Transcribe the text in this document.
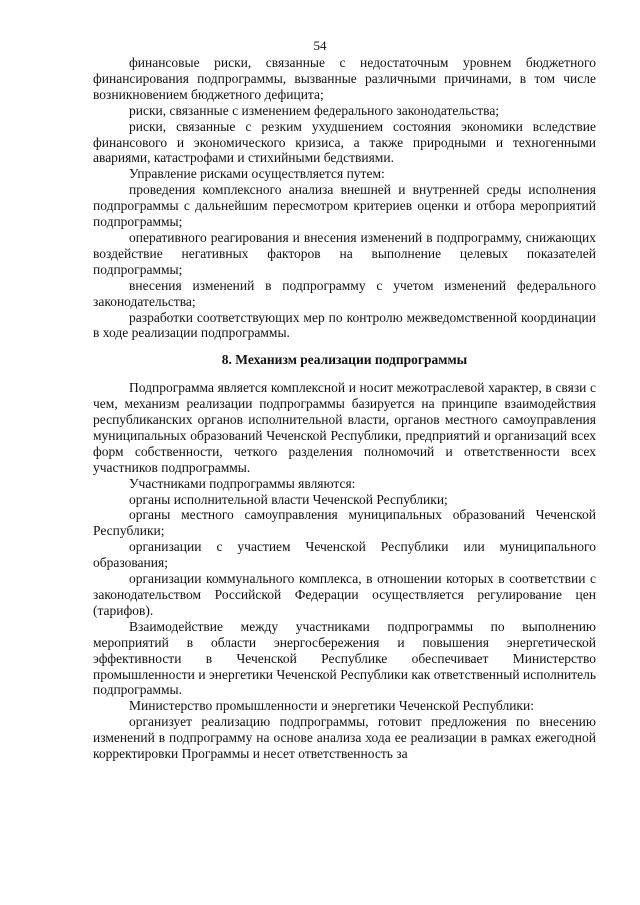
54

финансовые риски, связанные с недостаточным уровнем бюджетного финансирования подпрограммы, вызванные различными причинами, в том числе возникновением бюджетного дефицита;

риски, связанные с изменением федерального законодательства;

риски, связанные с резким ухудшением состояния экономики вследствие финансового и экономического кризиса, а также природными и техногенными авариями, катастрофами и стихийными бедствиями.

Управление рисками осуществляется путем:

проведения комплексного анализа внешней и внутренней среды исполнения подпрограммы с дальнейшим пересмотром критериев оценки и отбора мероприятий подпрограммы;

оперативного реагирования и внесения изменений в подпрограмму, снижающих воздействие негативных факторов на выполнение целевых показателей подпрограммы;

внесения изменений в подпрограмму с учетом изменений федерального законодательства;

разработки соответствующих мер по контролю межведомственной координации в ходе реализации подпрограммы.

8. Механизм реализации подпрограммы

Подпрограмма является комплексной и носит межотраслевой характер, в связи с чем, механизм реализации подпрограммы базируется на принципе взаимодействия республиканских органов исполнительной власти, органов местного самоуправления муниципальных образований Чеченской Республики, предприятий и организаций всех форм собственности, четкого разделения полномочий и ответственности всех участников подпрограммы.

Участниками подпрограммы являются:

органы исполнительной власти Чеченской Республики;

органы местного самоуправления муниципальных образований Чеченской Республики;

организации с участием Чеченской Республики или муниципального образования;

организации коммунального комплекса, в отношении которых в соответствии с законодательством Российской Федерации осуществляется регулирование цен (тарифов).

Взаимодействие между участниками подпрограммы по выполнению мероприятий в области энергосбережения и повышения энергетической эффективности в Чеченской Республике обеспечивает Министерство промышленности и энергетики Чеченской Республики как ответственный исполнитель подпрограммы.

Министерство промышленности и энергетики Чеченской Республики:

организует реализацию подпрограммы, готовит предложения по внесению изменений в подпрограмму на основе анализа хода ее реализации в рамках ежегодной корректировки Программы и несет ответственность за
